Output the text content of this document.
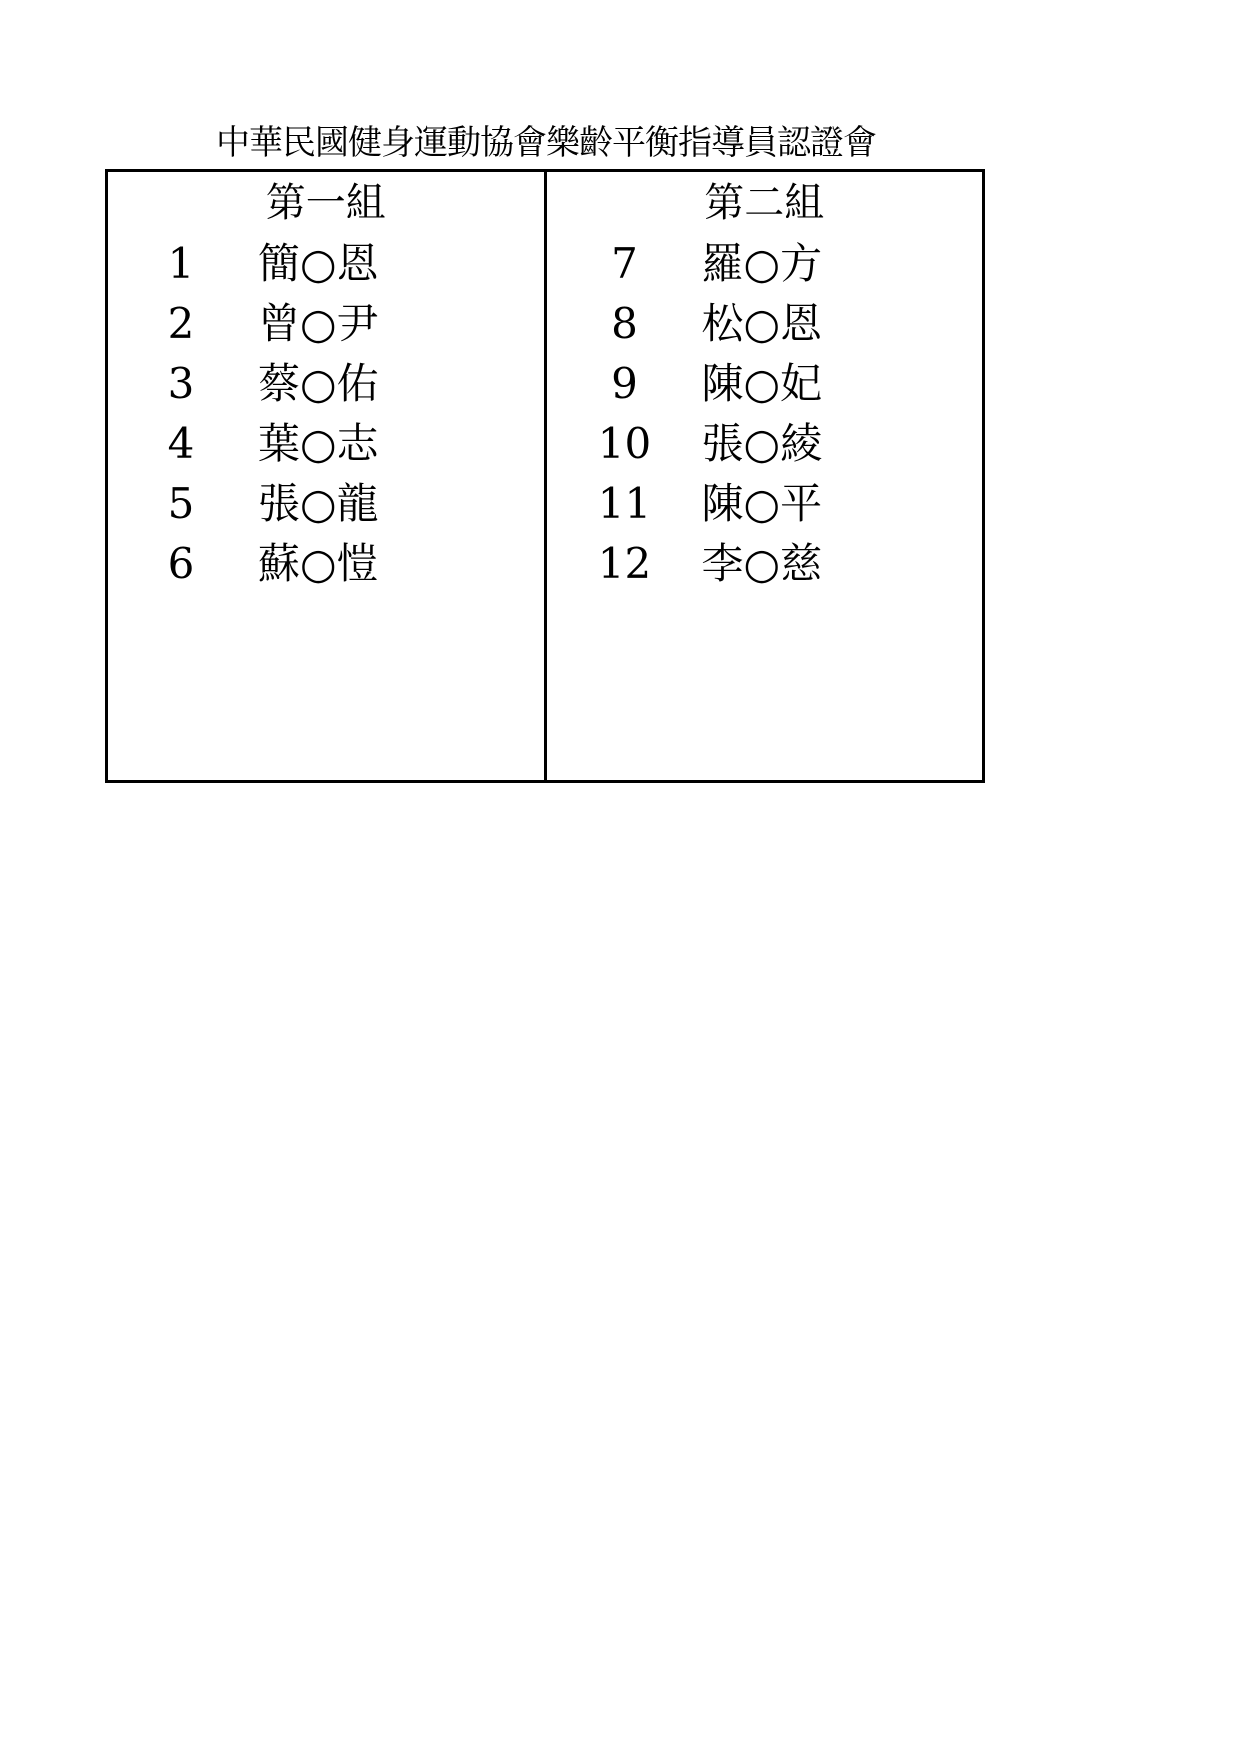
中華民國健身運動協會樂齡平衡指導員認證會
第一組
1	簡○恩
2	曾○尹
3	蔡○佑
4	葉○志
5	張○龍
6	蘇○愷
第二組
7	羅○方
8	松○恩
9	陳○妃
10	張○綾
11	陳○平
12	李○慈
